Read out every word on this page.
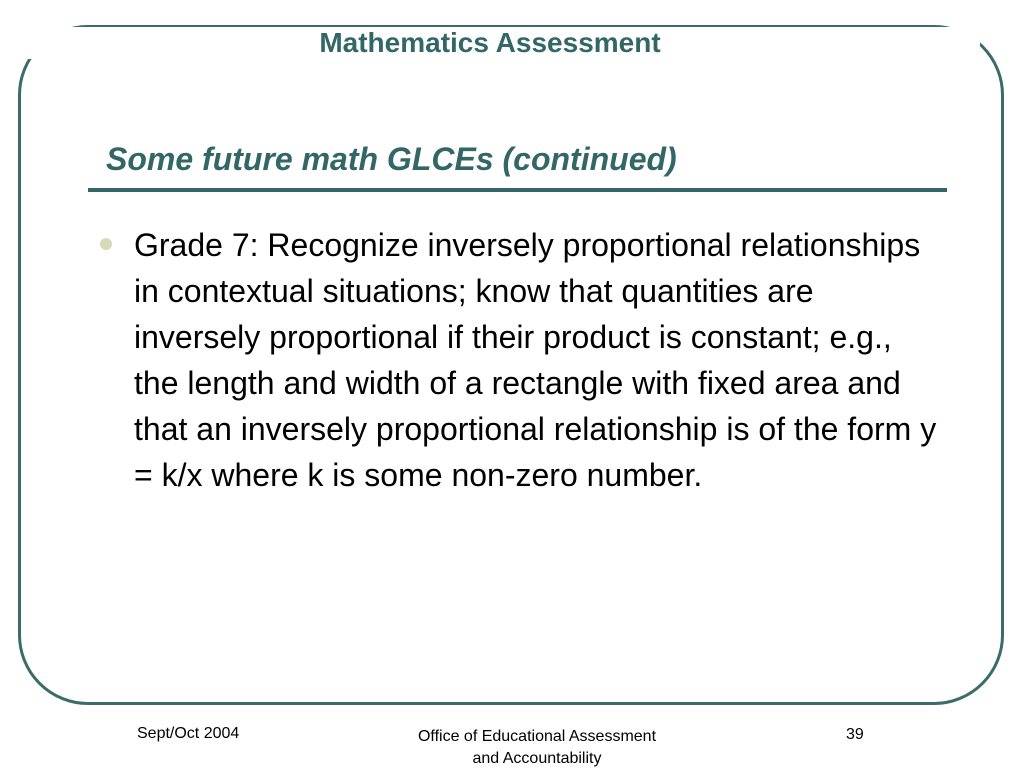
Mathematics Assessment
Some future math GLCEs (continued)
Grade 7: Recognize inversely proportional relationships in contextual situations; know that quantities are inversely proportional if their product is constant; e.g., the length and width of a rectangle with fixed area and that an inversely proportional relationship is of the form y = k/x where k is some non-zero number.
Sept/Oct 2004	Office of Educational Assessment
and Accountability
39
